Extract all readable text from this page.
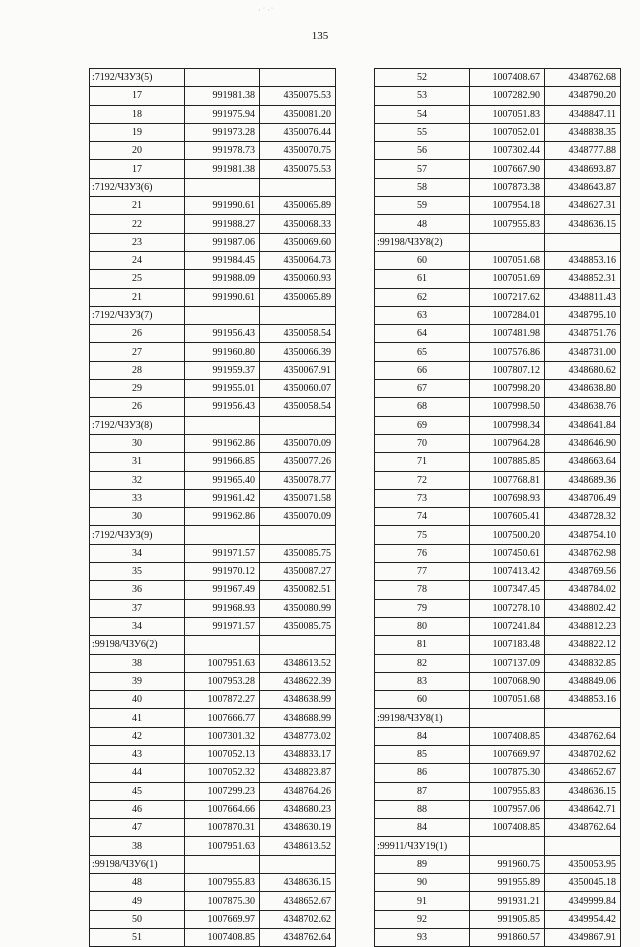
135
· ˙ · ̇
:7192/ЧЗУЗ(5)		
17	991981.38	4350075.53
18	991975.94	4350081.20
19	991973.28	4350076.44
20	991978.73	4350070.75
17	991981.38	4350075.53
:7192/ЧЗУЗ(6)		
21	991990.61	4350065.89
22	991988.27	4350068.33
23	991987.06	4350069.60
24	991984.45	4350064.73
25	991988.09	4350060.93
21	991990.61	4350065.89
:7192/ЧЗУЗ(7)		
26	991956.43	4350058.54
27	991960.80	4350066.39
28	991959.37	4350067.91
29	991955.01	4350060.07
26	991956.43	4350058.54
:7192/ЧЗУЗ(8)		
30	991962.86	4350070.09
31	991966.85	4350077.26
32	991965.40	4350078.77
33	991961.42	4350071.58
30	991962.86	4350070.09
:7192/ЧЗУЗ(9)		
34	991971.57	4350085.75
35	991970.12	4350087.27
36	991967.49	4350082.51
37	991968.93	4350080.99
34	991971.57	4350085.75
:99198/ЧЗУ6(2)		
38	1007951.63	4348613.52
39	1007953.28	4348622.39
40	1007872.27	4348638.99
41	1007666.77	4348688.99
42	1007301.32	4348773.02
43	1007052.13	4348833.17
44	1007052.32	4348823.87
45	1007299.23	4348764.26
46	1007664.66	4348680.23
47	1007870.31	4348630.19
38	1007951.63	4348613.52
:99198/ЧЗУ6(1)		
48	1007955.83	4348636.15
49	1007875.30	4348652.67
50	1007669.97	4348702.62
51	1007408.85	4348762.64
52	1007408.67	4348762.68
53	1007282.90	4348790.20
54	1007051.83	4348847.11
55	1007052.01	4348838.35
56	1007302.44	4348777.88
57	1007667.90	4348693.87
58	1007873.38	4348643.87
59	1007954.18	4348627.31
48	1007955.83	4348636.15
:99198/ЧЗУ8(2)		
60	1007051.68	4348853.16
61	1007051.69	4348852.31
62	1007217.62	4348811.43
63	1007284.01	4348795.10
64	1007481.98	4348751.76
65	1007576.86	4348731.00
66	1007807.12	4348680.62
67	1007998.20	4348638.80
68	1007998.50	4348638.76
69	1007998.34	4348641.84
70	1007964.28	4348646.90
71	1007885.85	4348663.64
72	1007768.81	4348689.36
73	1007698.93	4348706.49
74	1007605.41	4348728.32
75	1007500.20	4348754.10
76	1007450.61	4348762.98
77	1007413.42	4348769.56
78	1007347.45	4348784.02
79	1007278.10	4348802.42
80	1007241.84	4348812.23
81	1007183.48	4348822.12
82	1007137.09	4348832.85
83	1007068.90	4348849.06
60	1007051.68	4348853.16
:99198/ЧЗУ8(1)		
84	1007408.85	4348762.64
85	1007669.97	4348702.62
86	1007875.30	4348652.67
87	1007955.83	4348636.15
88	1007957.06	4348642.71
84	1007408.85	4348762.64
:99911/ЧЗУ19(1)		
89	991960.75	4350053.95
90	991955.89	4350045.18
91	991931.21	4349999.84
92	991905.85	4349954.42
93	991860.57	4349867.91
